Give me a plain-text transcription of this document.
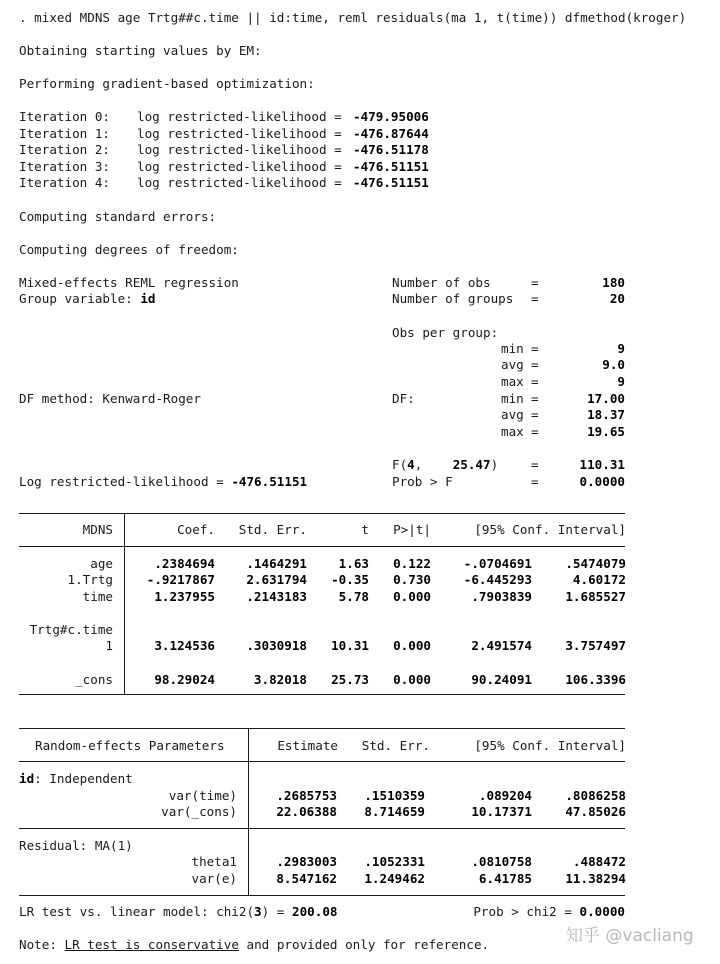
. mixed MDNS age Trtg##c.time || id:time, reml residuals(ma 1, t(time)) dfmethod(kroger)
Obtaining starting values by EM:
Performing gradient-based optimization:
Iteration 0: log restricted-likelihood = -479.95006
Iteration 1: log restricted-likelihood = -476.87644
Iteration 2: log restricted-likelihood = -476.51178
Iteration 3: log restricted-likelihood = -476.51151
Iteration 4: log restricted-likelihood = -476.51151
Computing standard errors:
Computing degrees of freedom:
Mixed-effects REML regression
Group variable: id
DF method: Kenward-Roger
Log restricted-likelihood = -476.51151
Number of obs	=	180
Number of groups =	20
Obs per group:
min =	9
avg =	9.0
max =	9
DF:	min =	17.00
avg =	18.37
max =	19.65
F(4,    25.47)	=	110.31
Prob > F	=	0.0000
MDNS	Coef. Std. Err.	t P>|t|	[95% Conf. Interval]
age	.2384694 .1464291	1.63 0.122	-.0704691	.5474079
1.Trtg	-.9217867 2.631794 -0.35 0.730	-6.445293	4.60172
time	1.237955 .2143183	5.78 0.000	.7903839	1.685527
Trtg#c.time
1	3.124536 .3030918 10.31 0.000	2.491574	3.757497
_cons	98.29024	3.82018 25.73 0.000	90.24091	106.3396
Random-effects Parameters	Estimate Std. Err.	[95% Conf. Interval]
id: Independent
var(time)	.2685753 .1510359	.089204	.8086258
var(_cons)	22.06388 8.714659	10.17371	47.85026
Residual: MA(1)
theta1	.2983003 .1052331	.0810758	.488472
var(e)	8.547162 1.249462	6.41785	11.38294
LR test vs. linear model: chi2(3) = 200.08	Prob > chi2 = 0.0000
Note: LR test is conservative and provided only for reference.	知乎 @vacliang
